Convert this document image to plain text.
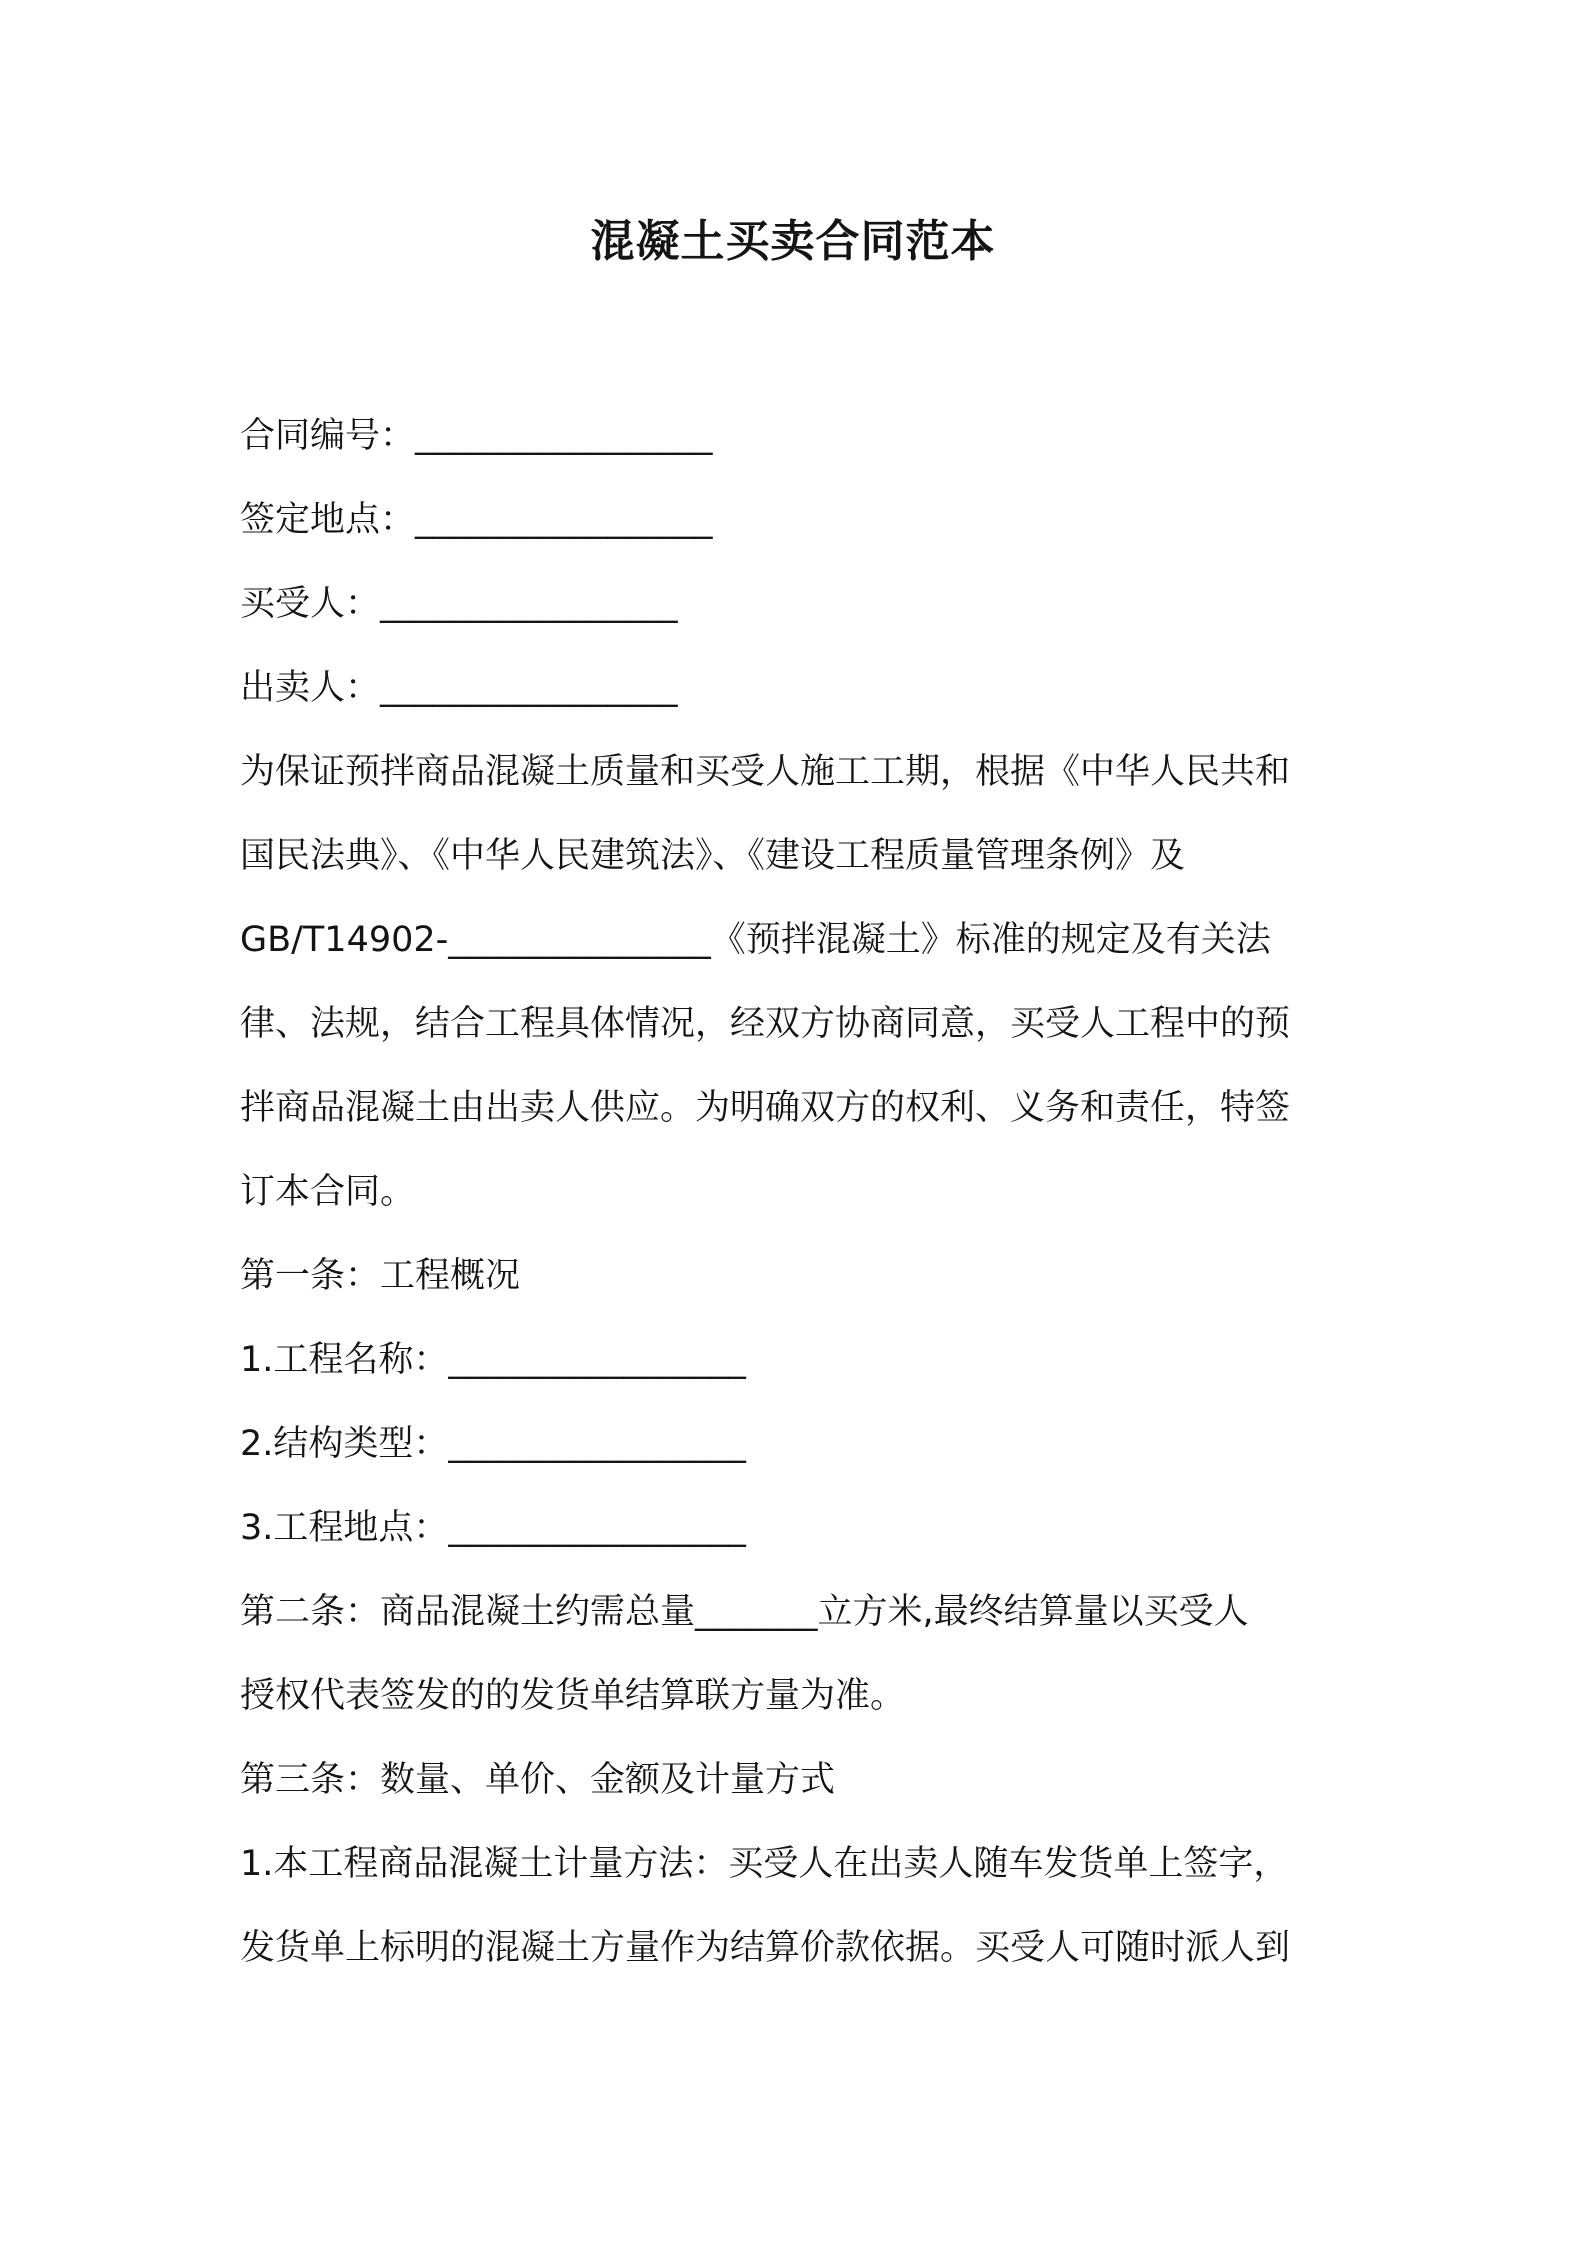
混凝土买卖合同范本
合同编号：_________________
签定地点：_________________
买受人：_________________
出卖人：_________________
为保证预拌商品混凝土质量和买受人施工工期，根据《中华人民共和
国民法典》、《中华人民建筑法》、《建设工程质量管理条例》及
GB/T14902-_______________《预拌混凝土》标准的规定及有关法
律、法规，结合工程具体情况，经双方协商同意，买受人工程中的预
拌商品混凝土由出卖人供应。为明确双方的权利、义务和责任，特签
订本合同。
第一条：工程概况
1.工程名称：_________________
2.结构类型：_________________
3.工程地点：_________________
第二条：商品混凝土约需总量_______立方米,最终结算量以买受人
授权代表签发的的发货单结算联方量为准。
第三条：数量、单价、金额及计量方式
1.本工程商品混凝土计量方法：买受人在出卖人随车发货单上签字，
发货单上标明的混凝土方量作为结算价款依据。买受人可随时派人到
